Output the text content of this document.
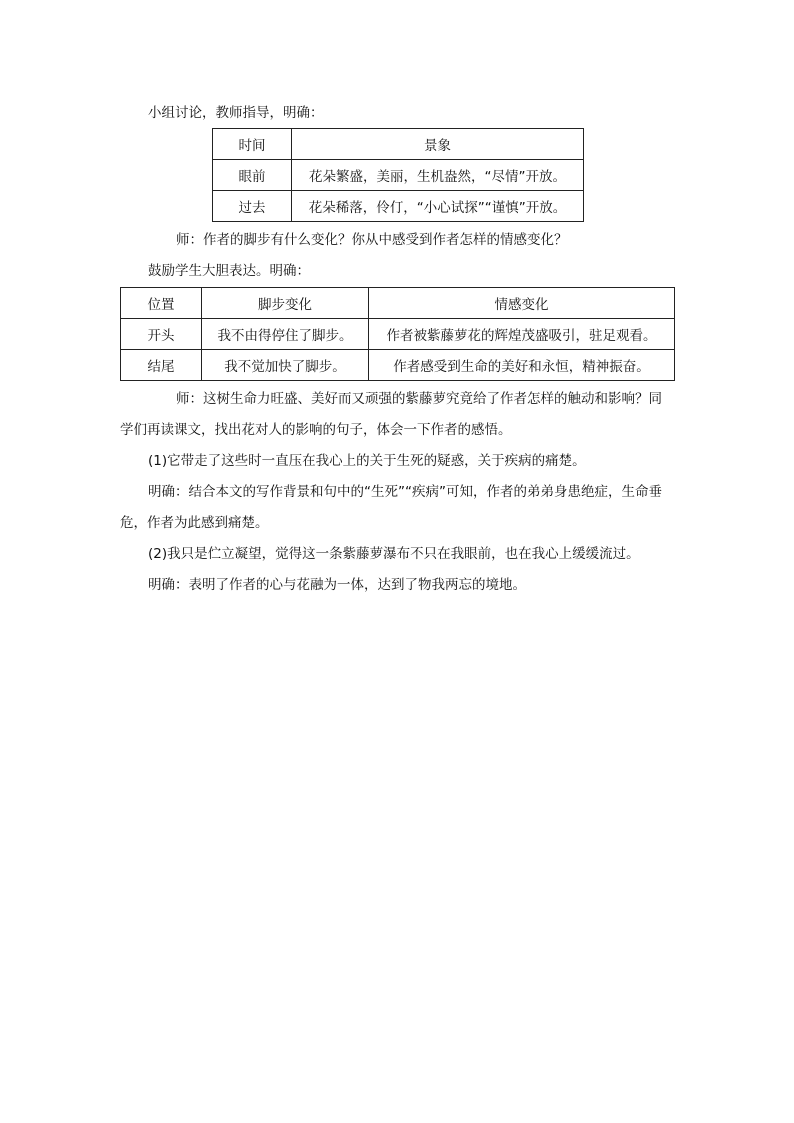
小组讨论，教师指导，明确：
时间	景象
眼前	花朵繁盛，美丽，生机盎然，“尽情”开放。
过去	花朵稀落，伶仃，“小心试探”“谨慎”开放。
师：作者的脚步有什么变化？你从中感受到作者怎样的情感变化？
鼓励学生大胆表达。明确：
位置	脚步变化	情感变化
开头	我不由得停住了脚步。	作者被紫藤萝花的辉煌茂盛吸引，驻足观看。
结尾	我不觉加快了脚步。	作者感受到生命的美好和永恒，精神振奋。
师：这树生命力旺盛、美好而又顽强的紫藤萝究竟给了作者怎样的触动和影响？同
学们再读课文，找出花对人的影响的句子，体会一下作者的感悟。
(1)它带走了这些时一直压在我心上的关于生死的疑惑，关于疾病的痛楚。
明确：结合本文的写作背景和句中的“生死”“疾病”可知，作者的弟弟身患绝症，生命垂
危，作者为此感到痛楚。
(2)我只是伫立凝望，觉得这一条紫藤萝瀑布不只在我眼前，也在我心上缓缓流过。
明确：表明了作者的心与花融为一体，达到了物我两忘的境地。
